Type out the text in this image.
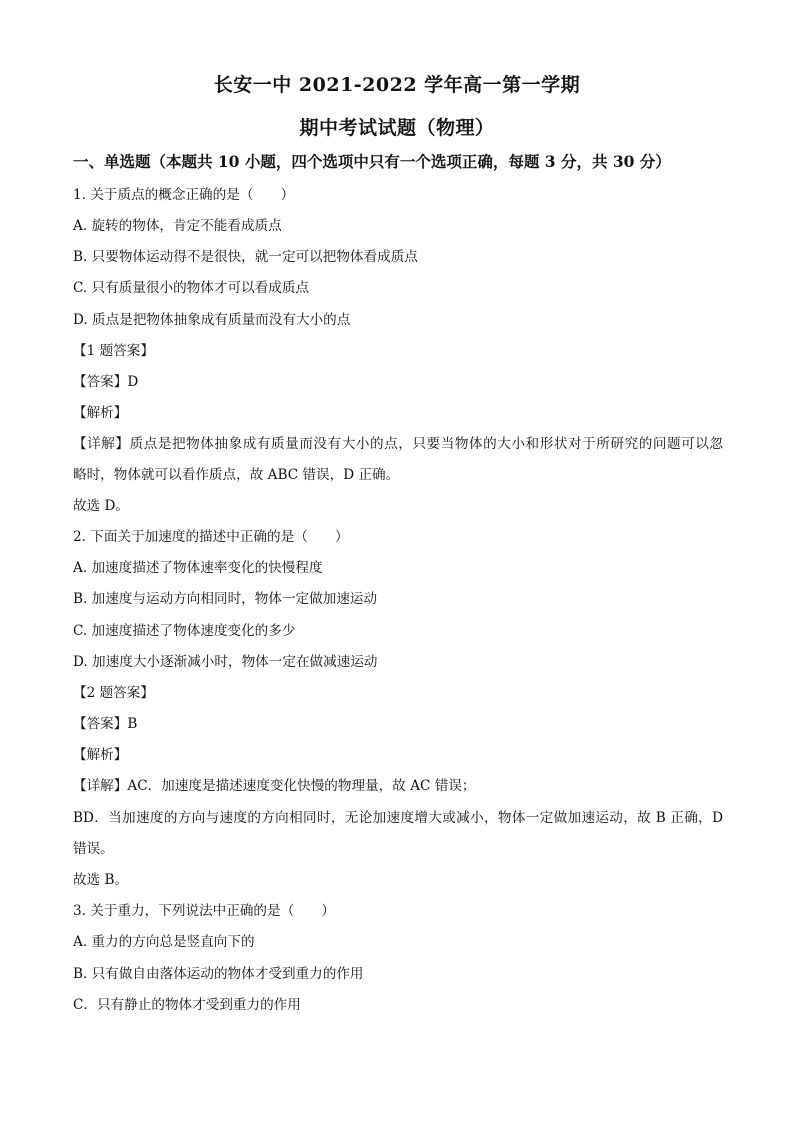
长安一中 2021-2022 学年高一第一学期
期中考试试题（物理）
一、单选题（本题共 10 小题，四个选项中只有一个选项正确，每题 3 分，共 30 分）
1. 关于质点的概念正确的是（　　）
A. 旋转的物体，肯定不能看成质点
B. 只要物体运动得不是很快，就一定可以把物体看成质点
C. 只有质量很小的物体才可以看成质点
D. 质点是把物体抽象成有质量而没有大小的点
【1 题答案】
【答案】D
【解析】
【详解】质点是把物体抽象成有质量而没有大小的点，只要当物体的大小和形状对于所研究的问题可以忽
略时，物体就可以看作质点，故 ABC 错误，D 正确。
故选 D。
2. 下面关于加速度的描述中正确的是（　　）
A. 加速度描述了物体速率变化的快慢程度
B. 加速度与运动方向相同时，物体一定做加速运动
C. 加速度描述了物体速度变化的多少
D. 加速度大小逐渐减小时，物体一定在做减速运动
【2 题答案】
【答案】B
【解析】
【详解】AC．加速度是描述速度变化快慢的物理量，故 AC 错误；
BD．当加速度的方向与速度的方向相同时，无论加速度增大或减小，物体一定做加速运动，故 B 正确，D
错误。
故选 B。
3. 关于重力，下列说法中正确的是（　　）
A. 重力的方向总是竖直向下的
B. 只有做自由落体运动的物体才受到重力的作用
C．只有静止的物体才受到重力的作用
